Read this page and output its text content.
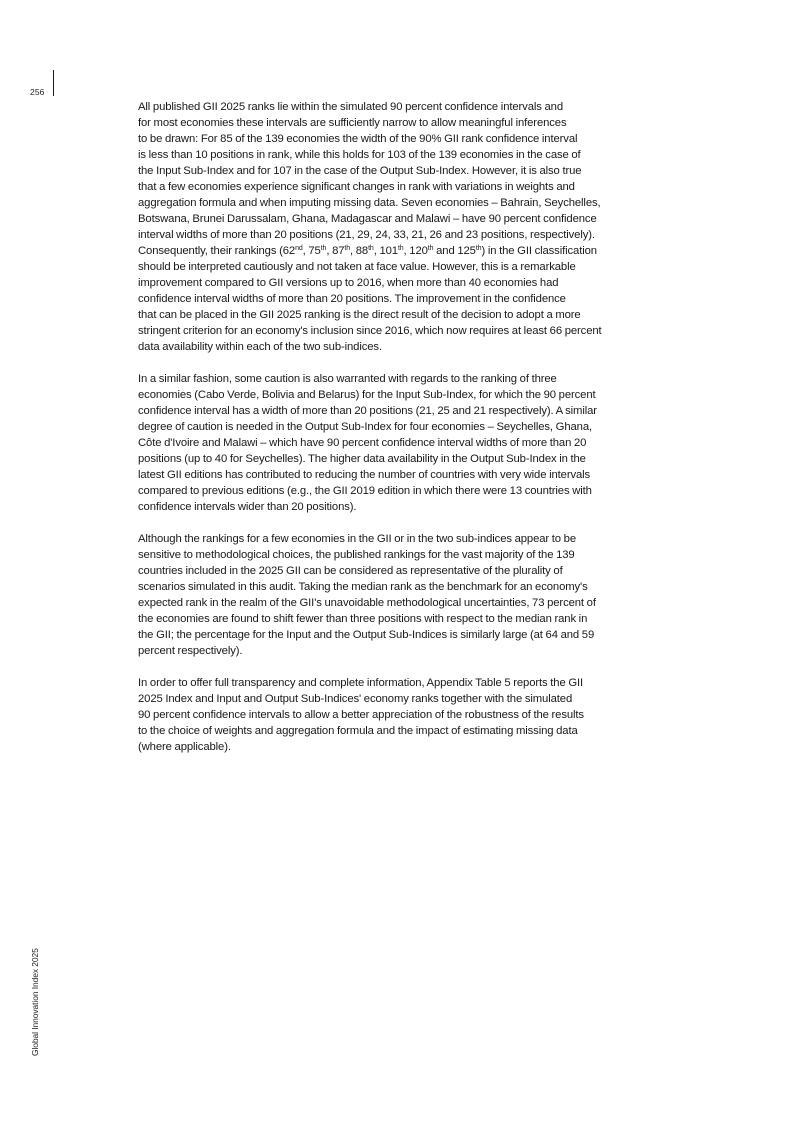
256
Global Innovation Index 2025

All published GII 2025 ranks lie within the simulated 90 percent confidence intervals and
for most economies these intervals are sufficiently narrow to allow meaningful inferences
to be drawn: For 85 of the 139 economies the width of the 90% GII rank confidence interval
is less than 10 positions in rank, while this holds for 103 of the 139 economies in the case of
the Input Sub-Index and for 107 in the case of the Output Sub-Index. However, it is also true
that a few economies experience significant changes in rank with variations in weights and
aggregation formula and when imputing missing data. Seven economies – Bahrain, Seychelles,
Botswana, Brunei Darussalam, Ghana, Madagascar and Malawi – have 90 percent confidence
interval widths of more than 20 positions (21, 29, 24, 33, 21, 26 and 23 positions, respectively).
Consequently, their rankings (62nd, 75th, 87th, 88th, 101th, 120th and 125th) in the GII classification
should be interpreted cautiously and not taken at face value. However, this is a remarkable
improvement compared to GII versions up to 2016, when more than 40 economies had
confidence interval widths of more than 20 positions. The improvement in the confidence
that can be placed in the GII 2025 ranking is the direct result of the decision to adopt a more
stringent criterion for an economy's inclusion since 2016, which now requires at least 66 percent
data availability within each of the two sub-indices.

In a similar fashion, some caution is also warranted with regards to the ranking of three
economies (Cabo Verde, Bolivia and Belarus) for the Input Sub-Index, for which the 90 percent
confidence interval has a width of more than 20 positions (21, 25 and 21 respectively). A similar
degree of caution is needed in the Output Sub-Index for four economies – Seychelles, Ghana,
Côte d'Ivoire and Malawi – which have 90 percent confidence interval widths of more than 20
positions (up to 40 for Seychelles). The higher data availability in the Output Sub-Index in the
latest GII editions has contributed to reducing the number of countries with very wide intervals
compared to previous editions (e.g., the GII 2019 edition in which there were 13 countries with
confidence intervals wider than 20 positions).

Although the rankings for a few economies in the GII or in the two sub-indices appear to be
sensitive to methodological choices, the published rankings for the vast majority of the 139
countries included in the 2025 GII can be considered as representative of the plurality of
scenarios simulated in this audit. Taking the median rank as the benchmark for an economy's
expected rank in the realm of the GII's unavoidable methodological uncertainties, 73 percent of
the economies are found to shift fewer than three positions with respect to the median rank in
the GII; the percentage for the Input and the Output Sub-Indices is similarly large (at 64 and 59
percent respectively).

In order to offer full transparency and complete information, Appendix Table 5 reports the GII
2025 Index and Input and Output Sub-Indices' economy ranks together with the simulated
90 percent confidence intervals to allow a better appreciation of the robustness of the results
to the choice of weights and aggregation formula and the impact of estimating missing data
(where applicable).
